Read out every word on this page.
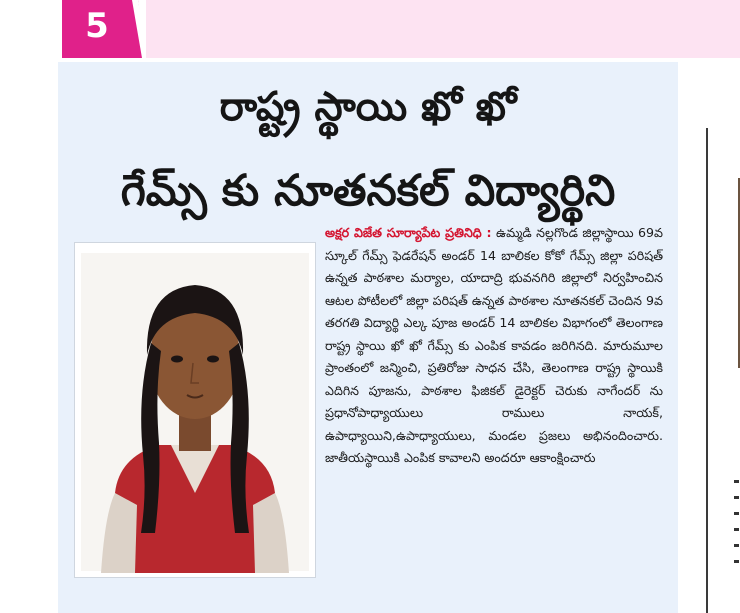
5
రాష్ట్ర స్థాయి ఖో ఖో
గేమ్స్ కు నూతనకల్ విద్యార్థిని

అక్షర విజేత సూర్యాపేట ప్రతినిధి : ఉమ్మడి నల్లగొండ జిల్లాస్థాయి 69వ స్కూల్ గేమ్స్ ఫెడరేషన్ అండర్ 14 బాలికల కోకో గేమ్స్ జిల్లా పరిషత్ ఉన్నత పాఠశాల మర్యాల, యాదాద్రి భువనగిరి జిల్లాలో నిర్వహించిన ఆటల పోటీలలో జిల్లా పరిషత్ ఉన్నత పాఠశాల నూతనకల్ చెందిన 9వ తరగతి విద్యార్థి ఎల్క పూజ అండర్ 14 బాలికల విభాగంలో తెలంగాణ రాష్ట్ర స్థాయి ఖో ఖో గేమ్స్ కు ఎంపిక కావడం జరిగినది. మారుమూల ప్రాంతంలో జన్మించి, ప్రతిరోజు సాధన చేసి, తెలంగాణ రాష్ట్ర స్థాయికి ఎదిగిన పూజను, పాఠశాల ఫిజికల్ డైరెక్టర్ చెరుకు నాగేందర్ ను ప్రధానోపాధ్యాయులు రాములు నాయక్, ఉపాధ్యాయిని,ఉపాధ్యాయులు, మండల ప్రజలు అభినందించారు. జాతీయస్థాయికి ఎంపిక కావాలని అందరూ ఆకాంక్షించారు
